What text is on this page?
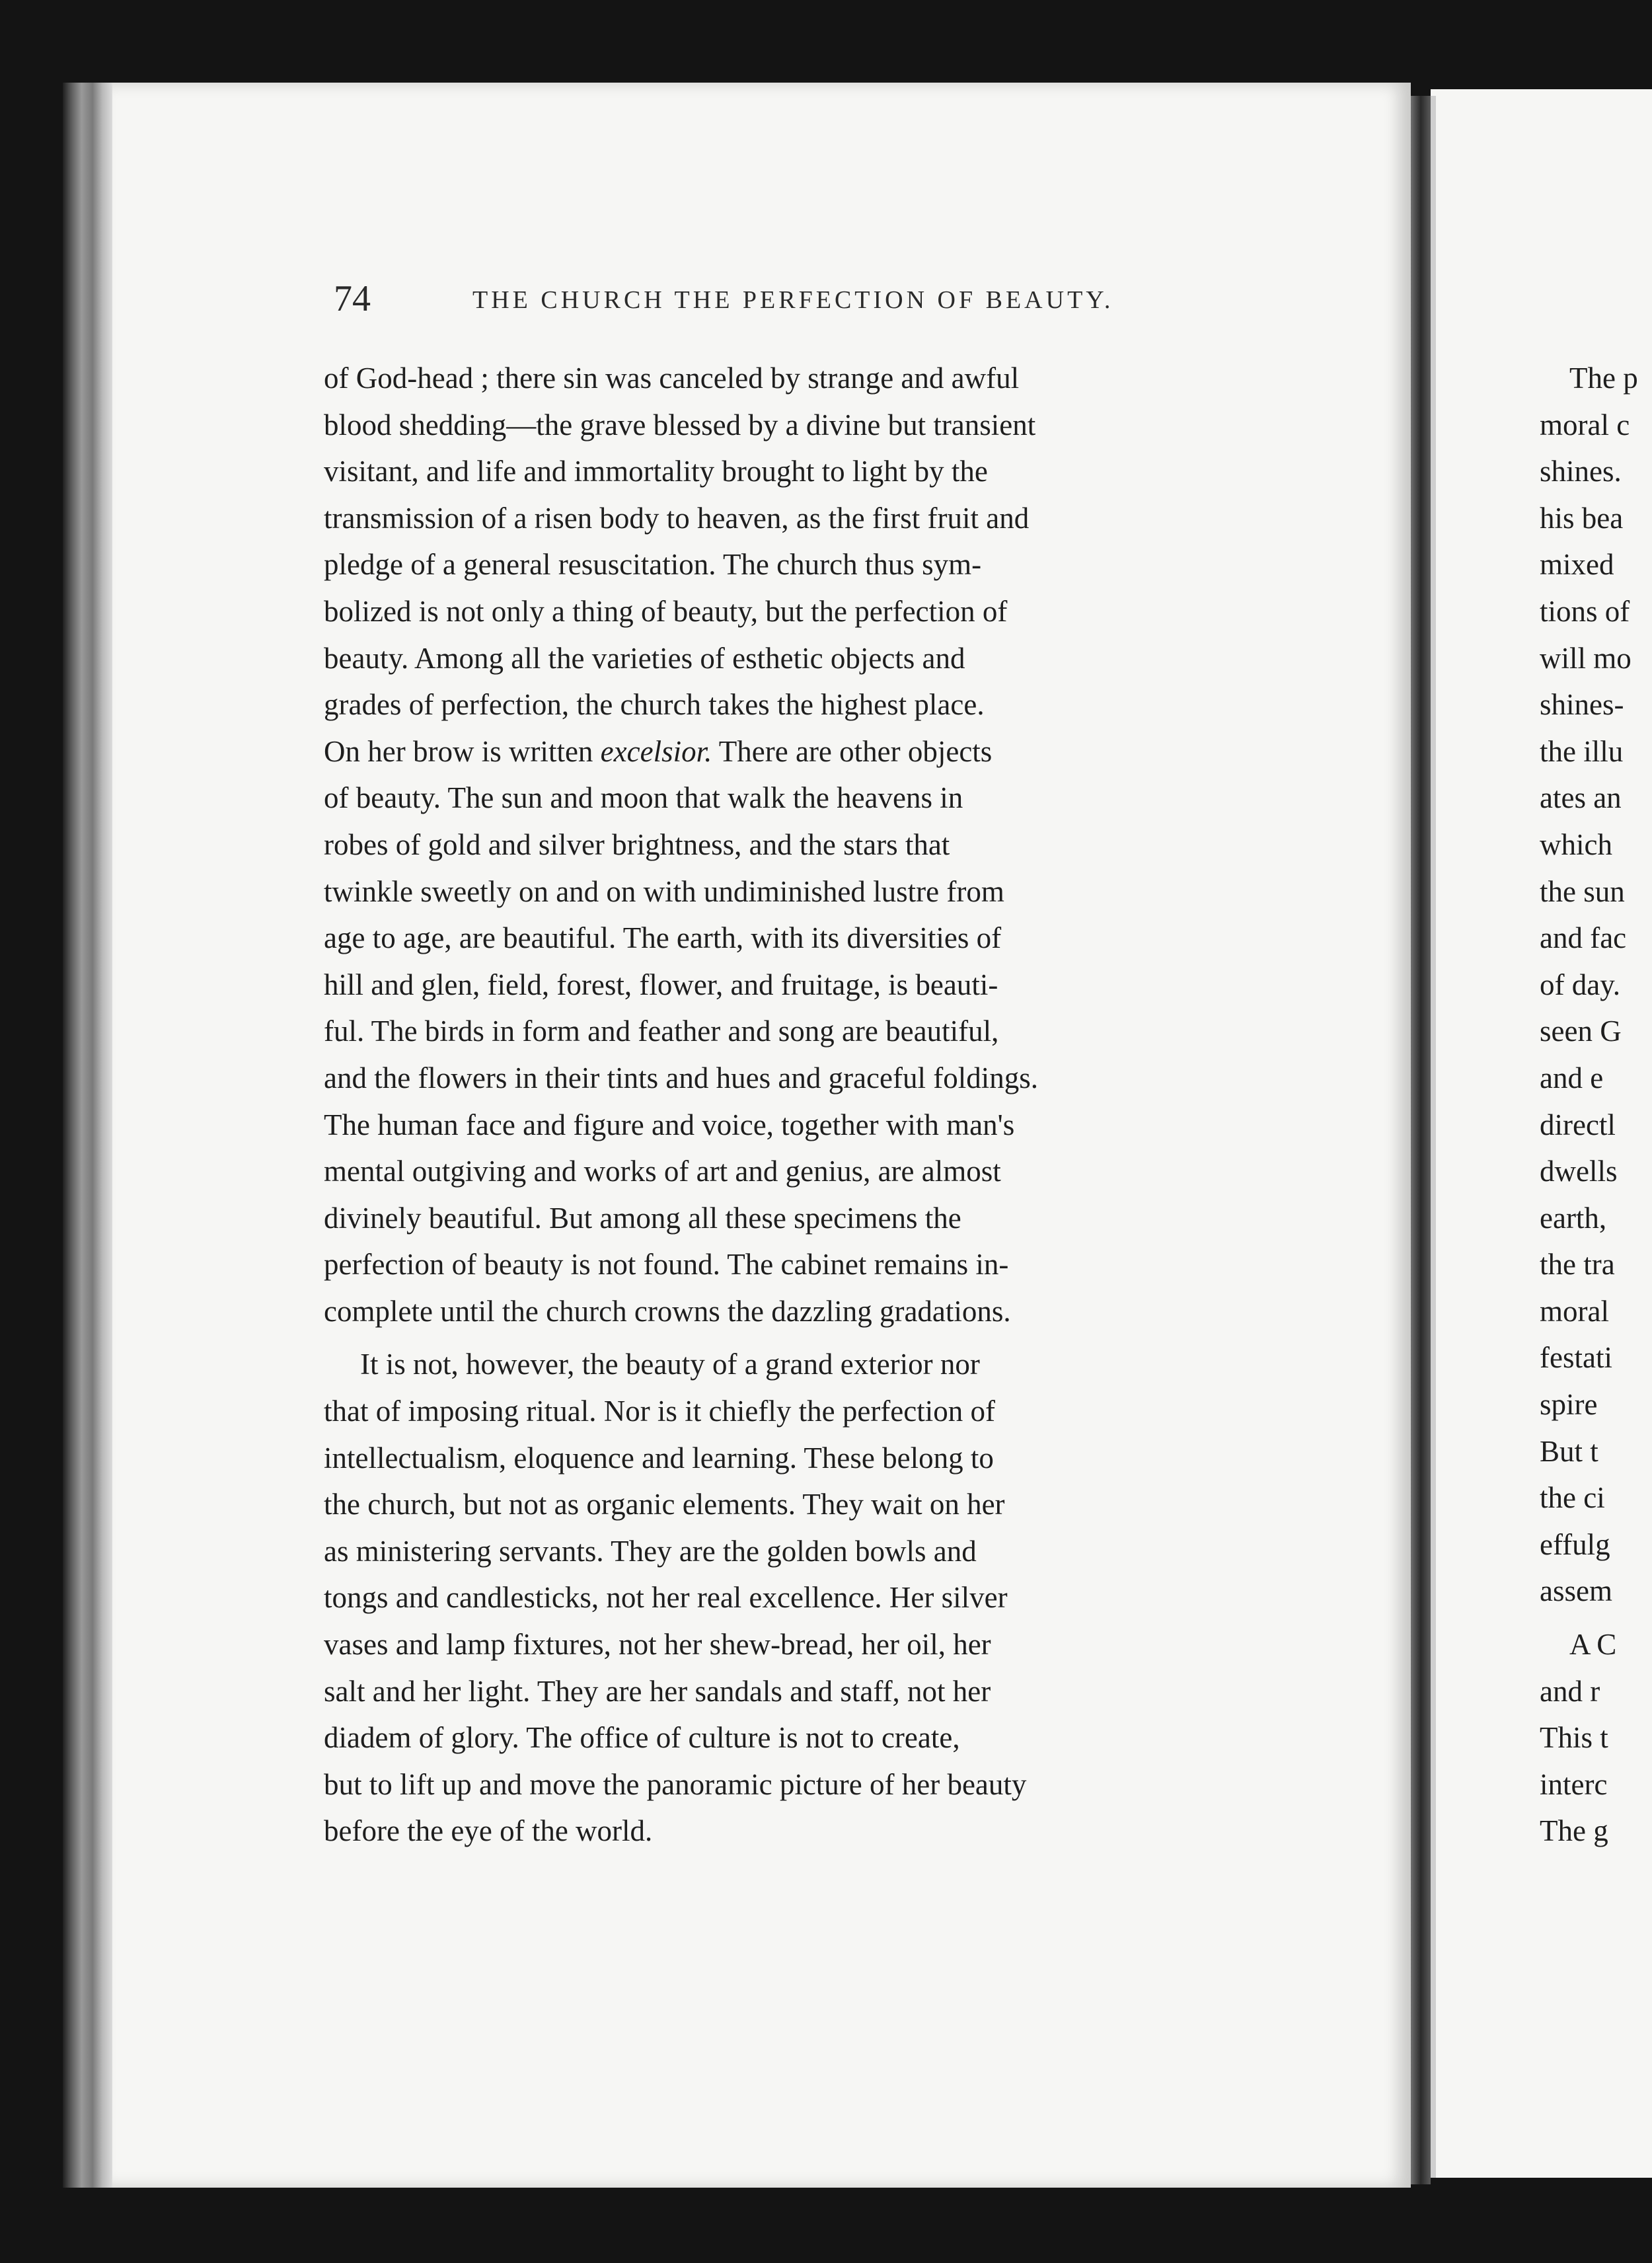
74	THE CHURCH THE PERFECTION OF BEAUTY.
of God-head ; there sin was canceled by strange and awful
blood shedding—the grave blessed by a divine but transient
visitant, and life and immortality brought to light by the
transmission of a risen body to heaven, as the first fruit and
pledge of a general resuscitation. The church thus sym-
bolized is not only a thing of beauty, but the perfection of
beauty. Among all the varieties of esthetic objects and
grades of perfection, the church takes the highest place.
On her brow is written excelsior. There are other objects
of beauty. The sun and moon that walk the heavens in
robes of gold and silver brightness, and the stars that
twinkle sweetly on and on with undiminished lustre from
age to age, are beautiful. The earth, with its diversities of
hill and glen, field, forest, flower, and fruitage, is beauti-
ful. The birds in form and feather and song are beautiful,
and the flowers in their tints and hues and graceful foldings.
The human face and figure and voice, together with man's
mental outgiving and works of art and genius, are almost
divinely beautiful. But among all these specimens the
perfection of beauty is not found. The cabinet remains in-
complete until the church crowns the dazzling gradations.
It is not, however, the beauty of a grand exterior nor
that of imposing ritual. Nor is it chiefly the perfection of
intellectualism, eloquence and learning. These belong to
the church, but not as organic elements. They wait on her
as ministering servants. They are the golden bowls and
tongs and candlesticks, not her real excellence. Her silver
vases and lamp fixtures, not her shew-bread, her oil, her
salt and her light. They are her sandals and staff, not her
diadem of glory. The office of culture is not to create,
but to lift up and move the panoramic picture of her beauty
before the eye of the world.
The p
moral c
shines.
his bea
mixed
tions of
will mo
shines-
the illu
ates an
which
the sun
and fac
of day.
seen G
and e
directl
dwells
earth,
the tra
moral
festati
spire
But t
the ci
effulg
assem
A C
and r
This t
interc
The g
